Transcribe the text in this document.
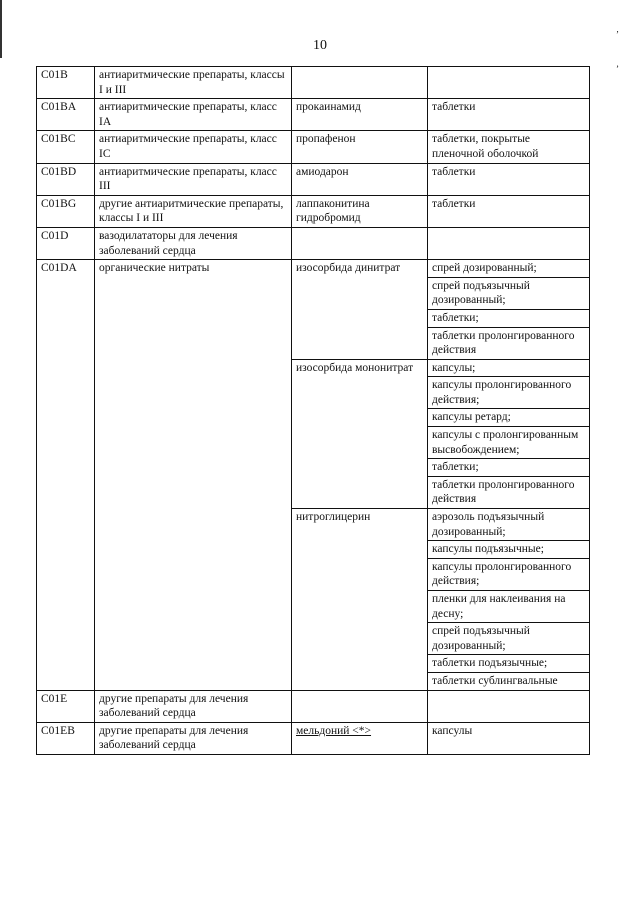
‚
’
10
C01B	антиаритмические препараты, классы I и III		
C01BA	антиаритмические препараты, класс IA	прокаинамид	таблетки
C01BC	антиаритмические препараты, класс IC	пропафенон	таблетки, покрытые пленочной оболочкой
C01BD	антиаритмические препараты, класс III	амиодарон	таблетки
C01BG	другие антиаритмические препараты, классы I и III	лаппаконитина гидробромид	таблетки
C01D	вазодилататоры для лечения заболеваний сердца		
C01DA	органические нитраты	изосорбида динитрат	спрей дозированный;
			спрей подъязычный дозированный;
			таблетки;
			таблетки пролонгированного действия
		изосорбида мононитрат	капсулы;
			капсулы пролонгированного действия;
			капсулы ретард;
			капсулы с пролонгированным высвобождением;
			таблетки;
			таблетки пролонгированного действия
		нитроглицерин	аэрозоль подъязычный дозированный;
			капсулы подъязычные;
			капсулы пролонгированного действия;
			пленки для наклеивания на десну;
			спрей подъязычный дозированный;
			таблетки подъязычные;
			таблетки сублингвальные
C01E	другие препараты для лечения заболеваний сердца		
C01EB	другие препараты для лечения заболеваний сердца	мельдоний <*>	капсулы
